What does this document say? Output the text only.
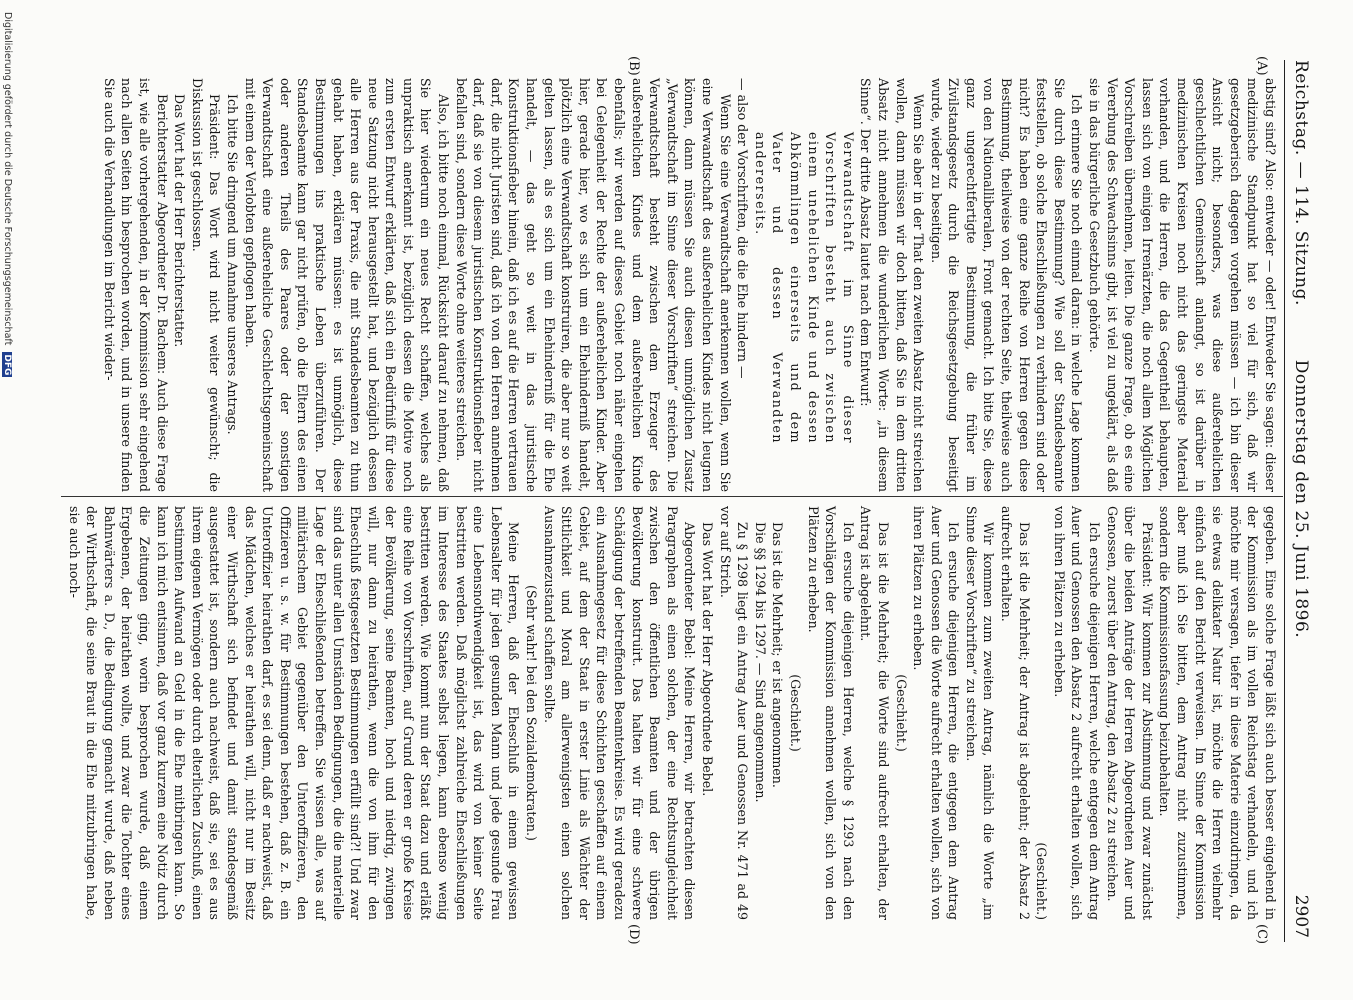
Reichstag. — 114. Sitzung.
Donnerstag den 25. Juni 1896.
2907
(A)
(B)
(C)
(D)

abstig sind? Also: entweder — oder! Entweder Sie sagen: dieser medizinische Standpunkt hat so viel für sich, daß wir gesetzgeberisch dagegen vorgehen müssen — ich bin dieser Ansicht nicht; besonders, was diese außerehelichen geschlechtlichen Gemeinschaft anlangt, so ist darüber in medizinischen Kreisen noch nicht das geringste Material vorhanden, und die Herren, die das Gegentheil behaupten, lassen sich von einigen Irrenärzten, die noch allem Möglichen Vorschreiben übernehmen, leiten. Die ganze Frage, ob es eine Vererbung des Schwachsinns gibt, ist viel zu ungeklärt, als daß sie in das bürgerliche Gesetzbuch gehörte.

Ich erinnere Sie noch einmal daran: in welche Lage kommen Sie durch diese Bestimmung? Wie soll der Standesbeamte feststellen, ob solche Eheschließungen zu verhindern sind oder nicht? Es haben eine ganze Reihe von Herren gegen diese Bestimmung, theilweise von der rechten Seite, theilweise auch von den Nationalliberalen, Front gemacht. Ich bitte Sie, diese ganz ungerechtfertigte Bestimmung, die früher im Zivilstandsgesetz durch die Reichsgesetzgebung beseitigt wurde, wieder zu beseitigen.

Wenn Sie aber in der That den zweiten Absatz nicht streichen wollen, dann müssen wir doch bitten, daß Sie in dem dritten Absatz nicht annehmen die wunderlichen Worte: „in diesem Sinne“. Der dritte Absatz lautet nach dem Entwurf:

Verwandtschaft im Sinne dieser Vorschriften besteht auch zwischen einem unehelichen Kinde und dessen Abkömmlingen einerseits und dem Vater und dessen Verwandten andererseits.

— also der Vorschriften, die die Ehe hindern —

Wenn Sie eine Verwandtschaft anerkennen wollen, wenn Sie eine Verwandtschaft des außerehelichen Kindes nicht leugnen können, dann müssen Sie auch diesen unmöglichen Zusatz „Verwandtschaft im Sinne dieser Vorschriften“ streichen. Die Verwandtschaft besteht zwischen dem Erzeuger des außerehelichen Kindes und dem außerehelichen Kinde ebenfalls; wir werden auf dieses Gebiet noch näher eingehen bei Gelegenheit der Rechte der außerehelichen Kinder. Aber hier, gerade hier, wo es sich um ein Ehehinderniß handelt, plötzlich eine Verwandtschaft konstruiren, die aber nur so weit gelten lassen, als es sich um ein Ehehinderniß für die Ehe handelt, — das geht so weit in das juristische Konstruktionsfieber hinein, daß ich es auf die Herren vertrauen darf, die nicht Juristen sind, daß ich von den Herren annehmen darf, daß sie von diesem juristischen Konstruktionsfieber nicht befallen sind, sondern diese Worte ohne weiteres streichen.

Also, ich bitte noch einmal, Rücksicht darauf zu nehmen, daß Sie hier wiederum ein neues Recht schaffen, welches als unpraktisch anerkannt ist, bezüglich dessen die Motive noch zum ersten Entwurf erklärten, daß sich ein Bedürfniß für diese neue Satzung nicht herausgestellt hat, und bezüglich dessen alle Herren aus der Praxis, die mit Standesbeamten zu thun gehabt haben, erklären müssen: es ist unmöglich, diese Bestimmungen ins praktische Leben überzuführen. Der Standesbeamte kann gar nicht prüfen, ob die Eltern des einen oder anderen Theils des Paares oder der sonstigen Verwandtschaft eine außereheliche Geschlechtsgemeinschaft mit einem der Verlobten gepflogen haben.

Ich bitte Sie dringend um Annahme unseres Antrags.

Präsident: Das Wort wird nicht weiter gewünscht; die Diskussion ist geschlossen.

Das Wort hat der Herr Berichterstatter.

Berichterstatter Abgeordneter Dr. Bachem: Auch diese Frage ist, wie alle vorhergehenden, in der Kommission sehr eingehend nach allen Seiten hin besprochen worden, und in unsere finden Sie auch die Verhandlungen im Bericht wieder-

gegeben. Eine solche Frage läßt sich auch besser eingehend in der Kommission als im vollen Reichstag verhandeln, und ich möchte mir versagen, tiefer in diese Materie einzudringen, da sie etwas delikater Natur ist, möchte die Herren vielmehr einfach auf den Bericht verweisen. Im Sinne der Kommission aber muß ich Sie bitten, dem Antrag nicht zuzustimmen, sondern die Kommissionsfassung beizubehalten.

Präsident: Wir kommen zur Abstimmung und zwar zunächst über die beiden Anträge der Herren Abgeordneten Auer und Genossen, zuerst über den Antrag, den Absatz 2 zu streichen.

Ich ersuche diejenigen Herren, welche entgegen dem Antrag Auer und Genossen den Absatz 2 aufrecht erhalten wollen, sich von ihren Plätzen zu erheben.

(Geschieht.)

Das ist die Mehrheit; der Antrag ist abgelehnt; der Absatz 2 aufrecht erhalten.

Wir kommen zum zweiten Antrag, nämlich die Worte „im Sinne dieser Vorschriften“ zu streichen.

Ich ersuche diejenigen Herren, die entgegen dem Antrag Auer und Genossen die Worte aufrecht erhalten wollen, sich von ihren Plätzen zu erheben.

(Geschieht.)

Das ist die Mehrheit; die Worte sind aufrecht erhalten, der Antrag ist abgelehnt.

Ich ersuche diejenigen Herren, welche § 1293 nach den Vorschlägen der Kommission annehmen wollen, sich von den Plätzen zu erheben.

(Geschieht.)

Das ist die Mehrheit; er ist angenommen.

Die §§ 1294 bis 1297. — Sind angenommen.

Zu § 1298 liegt ein Antrag Auer und Genossen Nr. 471 ad 49 vor auf Strich.

Das Wort hat der Herr Abgeordnete Bebel.

Abgeordneter Bebel: Meine Herren, wir betrachten diesen Paragraphen als einen solchen, der eine Rechtsungleichheit zwischen den öffentlichen Beamten und der übrigen Bevölkerung konstruirt. Das halten wir für eine schwere Schädigung der betreffenden Beamtenkreise. Es wird geradezu ein Ausnahmegesetz für diese Schichten geschaffen auf einem Gebiet, auf dem der Staat in erster Linie als Wächter der Sittlichkeit und Moral am allerwenigsten einen solchen Ausnahmezustand schaffen sollte.

(Sehr wahr! bei den Sozialdemokraten.)

Meine Herren, daß der Eheschluß in einem gewissen Lebensalter für jeden gesunden Mann und jede gesunde Frau eine Lebensnothwendigkeit ist, das wird von keiner Seite bestritten werden. Daß möglichst zahlreiche Eheschließungen im Interesse des Staates selbst liegen, kann ebenso wenig bestritten werden. Wie kommt nun der Staat dazu und erläßt eine Reihe von Vorschriften, auf Grund deren er große Kreise der Bevölkerung, seine Beamten, hoch und niedrig, zwingen will, nur dann zu heirathen, wenn die von ihm für den Eheschluß festgesetzten Bestimmungen erfüllt sind?! Und zwar sind das unter allen Umständen Bedingungen, die die materielle Lage der Eheschließenden betreffen. Sie wissen alle, was auf militärischem Gebiet gegenüber den Unteroffizieren, den Offizieren u. s. w. für Bestimmungen bestehen, daß z. B. ein Unteroffizier heirathen darf, es sei denn, daß er nachweist, daß das Mädchen, welches er heirathen will, nicht nur im Besitz einer Wirthschaft sich befindet und damit standesgemäß ausgestattet ist, sondern auch nachweist, daß sie, sei es aus ihrem eigenen Vermögen oder durch elterlichen Zuschuß, einen bestimmten Aufwand an Geld in die Ehe mitbringen kann. So kann ich mich entsinnen, daß vor ganz kurzem eine Notiz durch die Zeitungen ging, worin besprochen wurde, daß einem Ergebenen, der heirathen wollte, und zwar die Tochter eines Bahnwärters a. D., die Bedingung gemacht wurde, daß neben der Wirthschaft, die seine Braut in die Ehe mitzubringen habe, sie auch noch-

Digitalisierung gefördert durch die Deutsche Forschungsgemeinschaft DFG
